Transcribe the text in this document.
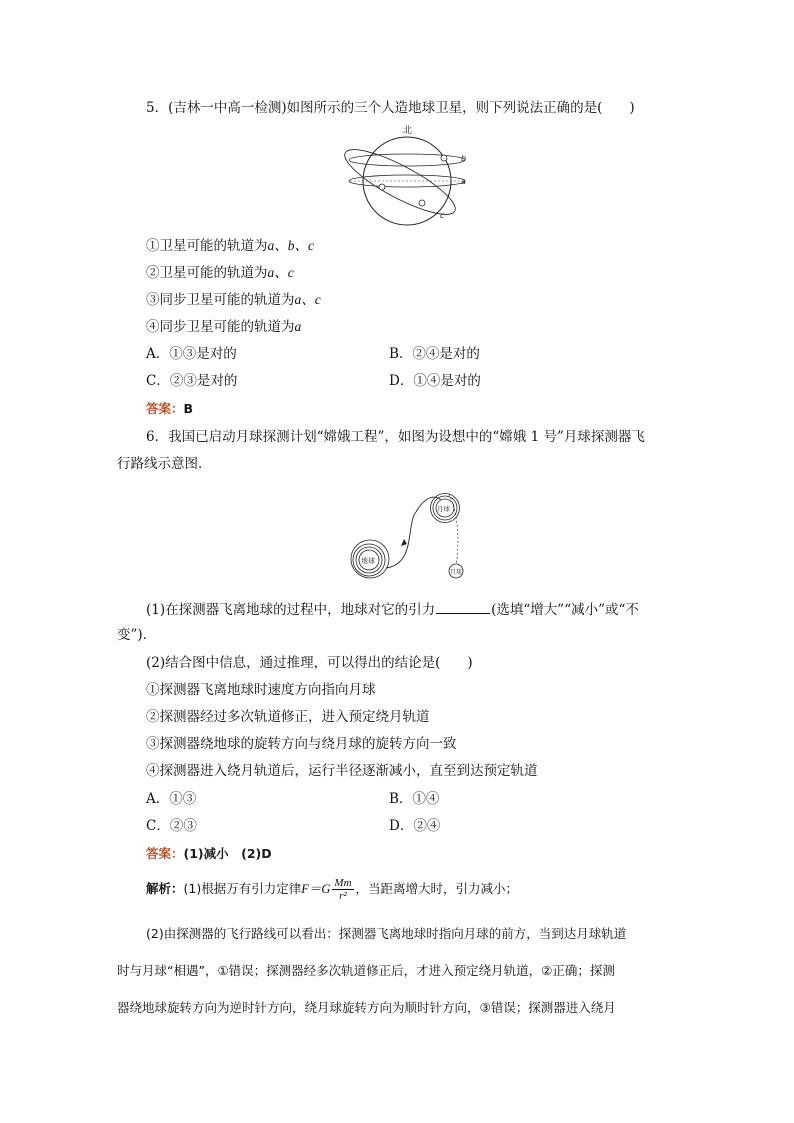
5．(吉林一中高一检测)如图所示的三个人造地球卫星，则下列说法正确的是(　　)
北
b
a
c
①卫星可能的轨道为a、b、c
②卫星可能的轨道为a、c
③同步卫星可能的轨道为a、c
④同步卫星可能的轨道为a
A．①③是对的	B．②④是对的
C．②③是对的	D．①④是对的
答案：B
6．我国已启动月球探测计划“嫦娥工程”，如图为设想中的“嫦娥 1 号”月球探测器飞
行路线示意图．
地球
月球
月球
(1)在探测器飞离地球的过程中，地球对它的引力	(选填“增大”“减小”或“不
变”)．
(2)结合图中信息，通过推理，可以得出的结论是(　　)
①探测器飞离地球时速度方向指向月球
②探测器经过多次轨道修正，进入预定绕月轨道
③探测器绕地球的旋转方向与绕月球的旋转方向一致
④探测器进入绕月轨道后，运行半径逐渐减小，直至到达预定轨道
A．①③	B．①④
C．②③	D．②④
答案：(1)减小　(2)D
解析：(1)根据万有引力定律$F=G \frac{Mm}{\text{r²}}$ ，当距离增大时，引力减小；
(2)由探测器的飞行路线可以看出：探测器飞离地球时指向月球的前方，当到达月球轨道
时与月球“相遇”，①错误；探测器经多次轨道修正后，才进入预定绕月轨道，②正确；探测
器绕地球旋转方向为逆时针方向，绕月球旋转方向为顺时针方向，③错误；探测器进入绕月
